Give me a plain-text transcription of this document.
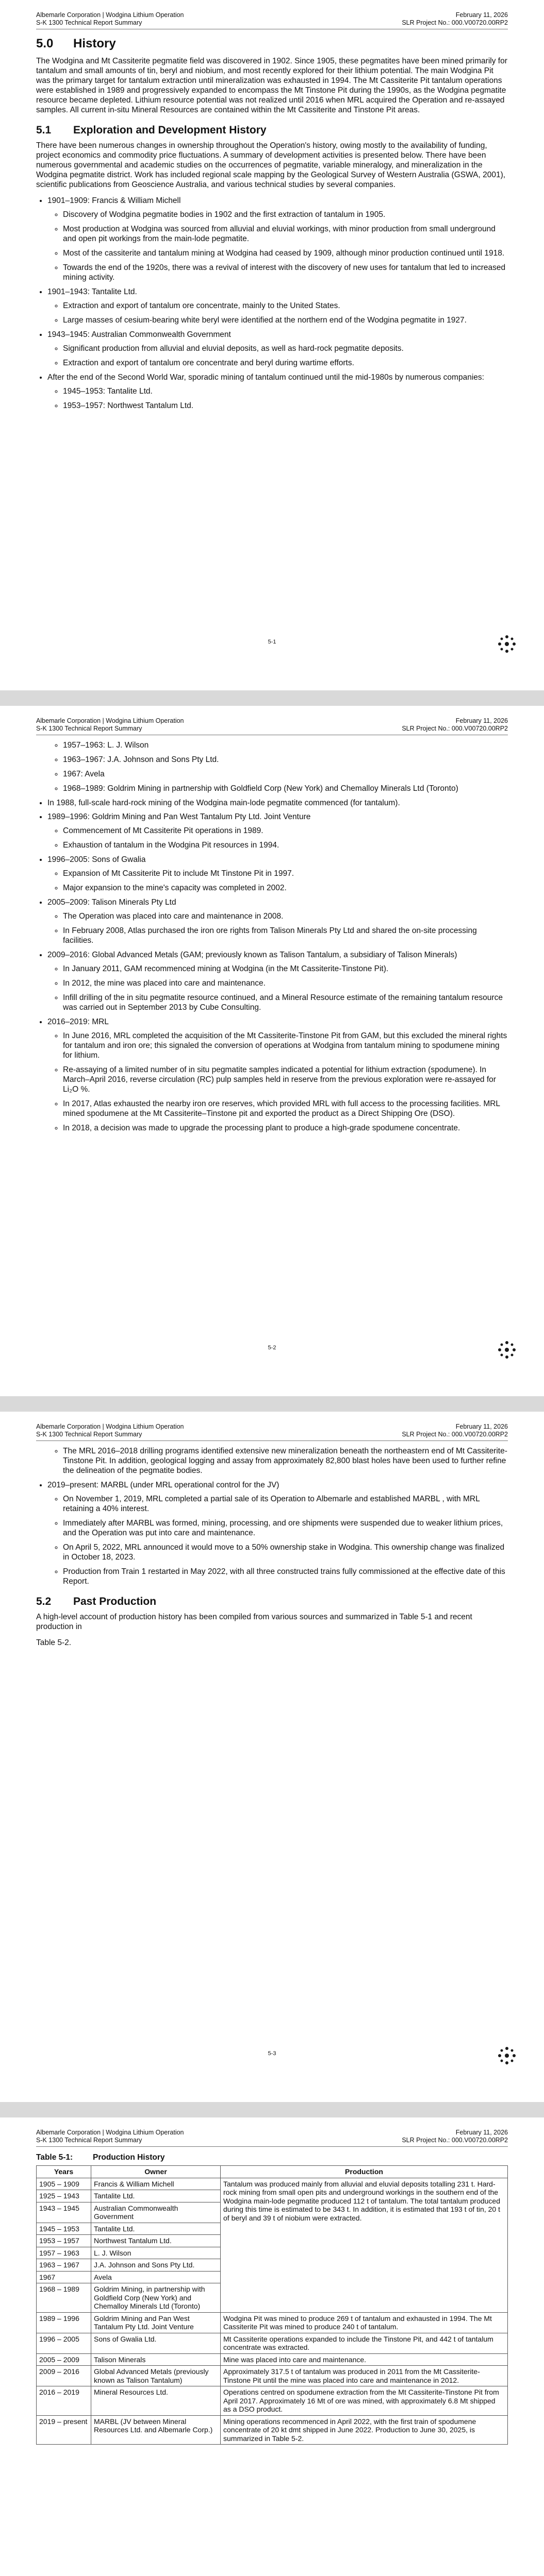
Albemarle Corporation | Wodgina Lithium Operation
S-K 1300 Technical Report Summary
February 11, 2026
SLR Project No.: 000.V00720.00RP2
5.0 History

The Wodgina and Mt Cassiterite pegmatite field was discovered in 1902. Since 1905, these pegmatites have been mined primarily for tantalum and small amounts of tin, beryl and niobium, and most recently explored for their lithium potential. The main Wodgina Pit was the primary target for tantalum extraction until mineralization was exhausted in 1994. The Mt Cassiterite Pit tantalum operations were established in 1989 and progressively expanded to encompass the Mt Tinstone Pit during the 1990s, as the Wodgina pegmatite resource became depleted. Lithium resource potential was not realized until 2016 when MRL acquired the Operation and re-assayed samples. All current in-situ Mineral Resources are contained within the Mt Cassiterite and Tinstone Pit areas.

5.1 Exploration and Development History

There have been numerous changes in ownership throughout the Operation's history, owing mostly to the availability of funding, project economics and commodity price fluctuations. A summary of development activities is presented below. There have been numerous governmental and academic studies on the occurrences of pegmatite, variable mineralogy, and mineralization in the Wodgina pegmatite district. Work has included regional scale mapping by the Geological Survey of Western Australia (GSWA, 2001), scientific publications from Geoscience Australia, and various technical studies by several companies.

• 1901–1909: Francis & William Michell
◦ Discovery of Wodgina pegmatite bodies in 1902 and the first extraction of tantalum in 1905.
◦ Most production at Wodgina was sourced from alluvial and eluvial workings, with minor production from small underground and open pit workings from the main-lode pegmatite.
◦ Most of the cassiterite and tantalum mining at Wodgina had ceased by 1909, although minor production continued until 1918.
◦ Towards the end of the 1920s, there was a revival of interest with the discovery of new uses for tantalum that led to increased mining activity.
• 1901–1943: Tantalite Ltd.
◦ Extraction and export of tantalum ore concentrate, mainly to the United States.
◦ Large masses of cesium-bearing white beryl were identified at the northern end of the Wodgina pegmatite in 1927.
• 1943–1945: Australian Commonwealth Government
◦ Significant production from alluvial and eluvial deposits, as well as hard-rock pegmatite deposits.
◦ Extraction and export of tantalum ore concentrate and beryl during wartime efforts.
• After the end of the Second World War, sporadic mining of tantalum continued until the mid-1980s by numerous companies:
◦ 1945–1953: Tantalite Ltd.
◦ 1953–1957: Northwest Tantalum Ltd.
5-1
Albemarle Corporation | Wodgina Lithium Operation
S-K 1300 Technical Report Summary
February 11, 2026
SLR Project No.: 000.V00720.00RP2
◦ 1957–1963: L. J. Wilson
◦ 1963–1967: J.A. Johnson and Sons Pty Ltd.
◦ 1967: Avela
◦ 1968–1989: Goldrim Mining in partnership with Goldfield Corp (New York) and Chemalloy Minerals Ltd (Toronto)
• In 1988, full-scale hard-rock mining of the Wodgina main-lode pegmatite commenced (for tantalum).
• 1989–1996: Goldrim Mining and Pan West Tantalum Pty Ltd. Joint Venture
◦ Commencement of Mt Cassiterite Pit operations in 1989.
◦ Exhaustion of tantalum in the Wodgina Pit resources in 1994.
• 1996–2005: Sons of Gwalia
◦ Expansion of Mt Cassiterite Pit to include Mt Tinstone Pit in 1997.
◦ Major expansion to the mine's capacity was completed in 2002.
• 2005–2009: Talison Minerals Pty Ltd
◦ The Operation was placed into care and maintenance in 2008.
◦ In February 2008, Atlas purchased the iron ore rights from Talison Minerals Pty Ltd and shared the on-site processing facilities.
• 2009–2016: Global Advanced Metals (GAM; previously known as Talison Tantalum, a subsidiary of Talison Minerals)
◦ In January 2011, GAM recommenced mining at Wodgina (in the Mt Cassiterite-Tinstone Pit).
◦ In 2012, the mine was placed into care and maintenance.
◦ Infill drilling of the in situ pegmatite resource continued, and a Mineral Resource estimate of the remaining tantalum resource was carried out in September 2013 by Cube Consulting.
• 2016–2019: MRL
◦ In June 2016, MRL completed the acquisition of the Mt Cassiterite-Tinstone Pit from GAM, but this excluded the mineral rights for tantalum and iron ore; this signaled the conversion of operations at Wodgina from tantalum mining to spodumene mining for lithium.
◦ Re-assaying of a limited number of in situ pegmatite samples indicated a potential for lithium extraction (spodumene). In March–April 2016, reverse circulation (RC) pulp samples held in reserve from the previous exploration were re-assayed for Li₂O %.
◦ In 2017, Atlas exhausted the nearby iron ore reserves, which provided MRL with full access to the processing facilities. MRL mined spodumene at the Mt Cassiterite–Tinstone pit and exported the product as a Direct Shipping Ore (DSO).
◦ In 2018, a decision was made to upgrade the processing plant to produce a high-grade spodumene concentrate.
5-2
Albemarle Corporation | Wodgina Lithium Operation
S-K 1300 Technical Report Summary
February 11, 2026
SLR Project No.: 000.V00720.00RP2
◦ The MRL 2016–2018 drilling programs identified extensive new mineralization beneath the northeastern end of Mt Cassiterite-Tinstone Pit. In addition, geological logging and assay from approximately 82,800 blast holes have been used to further refine the delineation of the pegmatite bodies.
• 2019–present: MARBL (under MRL operational control for the JV)
◦ On November 1, 2019, MRL completed a partial sale of its Operation to Albemarle and established MARBL , with MRL retaining a 40% interest.
◦ Immediately after MARBL was formed, mining, processing, and ore shipments were suspended due to weaker lithium prices, and the Operation was put into care and maintenance.
◦ On April 5, 2022, MRL announced it would move to a 50% ownership stake in Wodgina. This ownership change was finalized in October 18, 2023.
◦ Production from Train 1 restarted in May 2022, with all three constructed trains fully commissioned at the effective date of this Report.
5.2 Past Production

A high-level account of production history has been compiled from various sources and summarized in Table 5-1 and recent production in

Table 5-2.

5-3
Albemarle Corporation | Wodgina Lithium Operation
S-K 1300 Technical Report Summary
February 11, 2026
SLR Project No.: 000.V00720.00RP2
Table 5-1:	Production History
Years	Owner	Production
1905 – 1909	Francis & William Michell	Tantalum was produced mainly from alluvial and eluvial deposits totalling 231 t. Hard-rock mining from small open pits and underground workings in the southern end of the Wodgina main-lode pegmatite produced 112 t of tantalum. The total tantalum produced during this time is estimated to be 343 t. In addition, it is estimated that 193 t of tin, 20 t of beryl and 39 t of niobium were extracted.
1925 – 1943	Tantalite Ltd.	
1943 – 1945	Australian Commonwealth Government	
1945 – 1953	Tantalite Ltd.	
1953 – 1957	Northwest Tantalum Ltd.	
1957 – 1963	L. J. Wilson	
1963 – 1967	J.A. Johnson and Sons Pty Ltd.	
1967	Avela	
1968 – 1989	Goldrim Mining, in partnership with Goldfield Corp (New York) and Chemalloy Minerals Ltd (Toronto)	
1989 – 1996	Goldrim Mining and Pan West Tantalum Pty Ltd. Joint Venture	Wodgina Pit was mined to produce 269 t of tantalum and exhausted in 1994. The Mt Cassiterite Pit was mined to produce 240 t of tantalum.
1996 – 2005	Sons of Gwalia Ltd.	Mt Cassiterite operations expanded to include the Tinstone Pit, and 442 t of tantalum concentrate was extracted.
2005 – 2009	Talison Minerals	Mine was placed into care and maintenance.
2009 – 2016	Global Advanced Metals (previously known as Talison Tantalum)	Approximately 317.5 t of tantalum was produced in 2011 from the Mt Cassiterite-Tinstone Pit until the mine was placed into care and maintenance in 2012.
2016 – 2019	Mineral Resources Ltd.	Operations centred on spodumene extraction from the Mt Cassiterite-Tinstone Pit from April 2017. Approximately 16 Mt of ore was mined, with approximately 6.8 Mt shipped as a DSO product.
2019 – present	MARBL (JV between Mineral Resources Ltd. and Albemarle Corp.)	Mining operations recommenced in April 2022, with the first train of spodumene concentrate of 20 kt dmt shipped in June 2022. Production to June 30, 2025, is summarized in Table 5-2.
